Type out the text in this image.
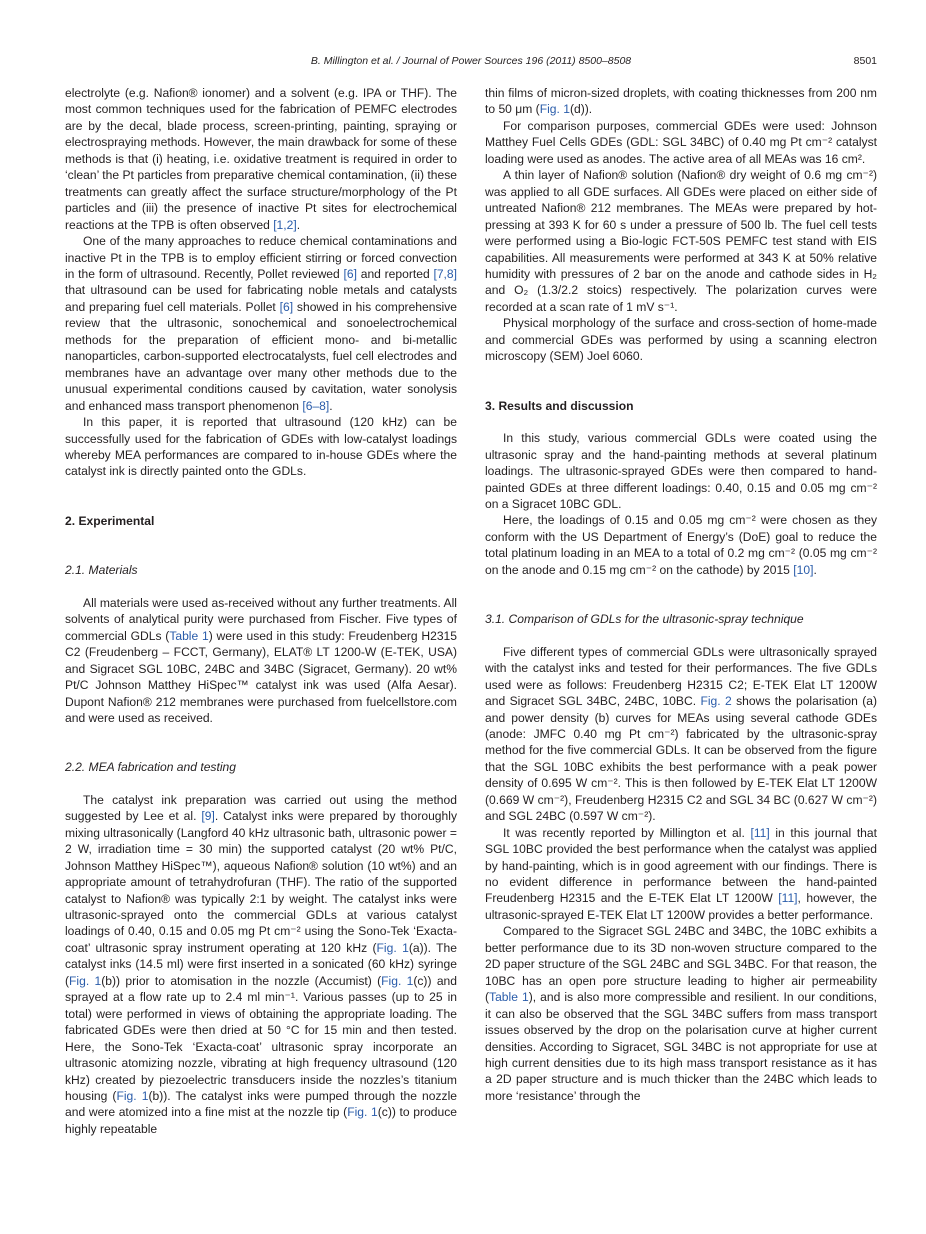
B. Millington et al. / Journal of Power Sources 196 (2011) 8500–8508	8501

electrolyte (e.g. Nafion® ionomer) and a solvent (e.g. IPA or THF). The most common techniques used for the fabrication of PEMFC electrodes are by the decal, blade process, screen-printing, painting, spraying or electrospraying methods. However, the main drawback for some of these methods is that (i) heating, i.e. oxidative treatment is required in order to ‘clean’ the Pt particles from preparative chemical contamination, (ii) these treatments can greatly affect the surface structure/morphology of the Pt particles and (iii) the presence of inactive Pt sites for electrochemical reactions at the TPB is often observed [1,2].

One of the many approaches to reduce chemical contaminations and inactive Pt in the TPB is to employ efficient stirring or forced convection in the form of ultrasound. Recently, Pollet reviewed [6] and reported [7,8] that ultrasound can be used for fabricating noble metals and catalysts and preparing fuel cell materials. Pollet [6] showed in his comprehensive review that the ultrasonic, sonochemical and sonoelectrochemical methods for the preparation of efficient mono- and bi-metallic nanoparticles, carbon-supported electrocatalysts, fuel cell electrodes and membranes have an advantage over many other methods due to the unusual experimental conditions caused by cavitation, water sonolysis and enhanced mass transport phenomenon [6–8].

In this paper, it is reported that ultrasound (120 kHz) can be successfully used for the fabrication of GDEs with low-catalyst loadings whereby MEA performances are compared to in-house GDEs where the catalyst ink is directly painted onto the GDLs.

2. Experimental
2.1. Materials

All materials were used as-received without any further treatments. All solvents of analytical purity were purchased from Fischer. Five types of commercial GDLs (Table 1) were used in this study: Freudenberg H2315 C2 (Freudenberg – FCCT, Germany), ELAT® LT 1200-W (E-TEK, USA) and Sigracet SGL 10BC, 24BC and 34BC (Sigracet, Germany). 20 wt% Pt/C Johnson Matthey HiSpec™ catalyst ink was used (Alfa Aesar). Dupont Nafion® 212 membranes were purchased from fuelcellstore.com and were used as received.

2.2. MEA fabrication and testing

The catalyst ink preparation was carried out using the method suggested by Lee et al. [9]. Catalyst inks were prepared by thoroughly mixing ultrasonically (Langford 40 kHz ultrasonic bath, ultrasonic power = 2 W, irradiation time = 30 min) the supported catalyst (20 wt% Pt/C, Johnson Matthey HiSpec™), aqueous Nafion® solution (10 wt%) and an appropriate amount of tetrahydrofuran (THF). The ratio of the supported catalyst to Nafion® was typically 2:1 by weight. The catalyst inks were ultrasonic-sprayed onto the commercial GDLs at various catalyst loadings of 0.40, 0.15 and 0.05 mg Pt cm⁻² using the Sono-Tek ‘Exacta-coat’ ultrasonic spray instrument operating at 120 kHz (Fig. 1(a)). The catalyst inks (14.5 ml) were first inserted in a sonicated (60 kHz) syringe (Fig. 1(b)) prior to atomisation in the nozzle (Accumist) (Fig. 1(c)) and sprayed at a flow rate up to 2.4 ml min⁻¹. Various passes (up to 25 in total) were performed in views of obtaining the appropriate loading. The fabricated GDEs were then dried at 50 °C for 15 min and then tested. Here, the Sono-Tek ‘Exacta-coat’ ultrasonic spray incorporate an ultrasonic atomizing nozzle, vibrating at high frequency ultrasound (120 kHz) created by piezoelectric transducers inside the nozzles’s titanium housing (Fig. 1(b)). The catalyst inks were pumped through the nozzle and were atomized into a fine mist at the nozzle tip (Fig. 1(c)) to produce highly repeatable

thin films of micron-sized droplets, with coating thicknesses from 200 nm to 50 μm (Fig. 1(d)).

For comparison purposes, commercial GDEs were used: Johnson Matthey Fuel Cells GDEs (GDL: SGL 34BC) of 0.40 mg Pt cm⁻² catalyst loading were used as anodes. The active area of all MEAs was 16 cm².

A thin layer of Nafion® solution (Nafion® dry weight of 0.6 mg cm⁻²) was applied to all GDE surfaces. All GDEs were placed on either side of untreated Nafion® 212 membranes. The MEAs were prepared by hot-pressing at 393 K for 60 s under a pressure of 500 lb. The fuel cell tests were performed using a Bio-logic FCT-50S PEMFC test stand with EIS capabilities. All measurements were performed at 343 K at 50% relative humidity with pressures of 2 bar on the anode and cathode sides in H₂ and O₂ (1.3/2.2 stoics) respectively. The polarization curves were recorded at a scan rate of 1 mV s⁻¹.

Physical morphology of the surface and cross-section of home-made and commercial GDEs was performed by using a scanning electron microscopy (SEM) Joel 6060.

3. Results and discussion

In this study, various commercial GDLs were coated using the ultrasonic spray and the hand-painting methods at several platinum loadings. The ultrasonic-sprayed GDEs were then compared to hand-painted GDEs at three different loadings: 0.40, 0.15 and 0.05 mg cm⁻² on a Sigracet 10BC GDL.

Here, the loadings of 0.15 and 0.05 mg cm⁻² were chosen as they conform with the US Department of Energy’s (DoE) goal to reduce the total platinum loading in an MEA to a total of 0.2 mg cm⁻² (0.05 mg cm⁻² on the anode and 0.15 mg cm⁻² on the cathode) by 2015 [10].

3.1. Comparison of GDLs for the ultrasonic-spray technique

Five different types of commercial GDLs were ultrasonically sprayed with the catalyst inks and tested for their performances. The five GDLs used were as follows: Freudenberg H2315 C2; E-TEK Elat LT 1200W and Sigracet SGL 34BC, 24BC, 10BC. Fig. 2 shows the polarisation (a) and power density (b) curves for MEAs using several cathode GDEs (anode: JMFC 0.40 mg Pt cm⁻²) fabricated by the ultrasonic-spray method for the five commercial GDLs. It can be observed from the figure that the SGL 10BC exhibits the best performance with a peak power density of 0.695 W cm⁻². This is then followed by E-TEK Elat LT 1200W (0.669 W cm⁻²), Freudenberg H2315 C2 and SGL 34 BC (0.627 W cm⁻²) and SGL 24BC (0.597 W cm⁻²).

It was recently reported by Millington et al. [11] in this journal that SGL 10BC provided the best performance when the catalyst was applied by hand-painting, which is in good agreement with our findings. There is no evident difference in performance between the hand-painted Freudenberg H2315 and the E-TEK Elat LT 1200W [11], however, the ultrasonic-sprayed E-TEK Elat LT 1200W provides a better performance.

Compared to the Sigracet SGL 24BC and 34BC, the 10BC exhibits a better performance due to its 3D non-woven structure compared to the 2D paper structure of the SGL 24BC and SGL 34BC. For that reason, the 10BC has an open pore structure leading to higher air permeability (Table 1), and is also more compressible and resilient. In our conditions, it can also be observed that the SGL 34BC suffers from mass transport issues observed by the drop on the polarisation curve at higher current densities. According to Sigracet, SGL 34BC is not appropriate for use at high current densities due to its high mass transport resistance as it has a 2D paper structure and is much thicker than the 24BC which leads to more ‘resistance’ through the
